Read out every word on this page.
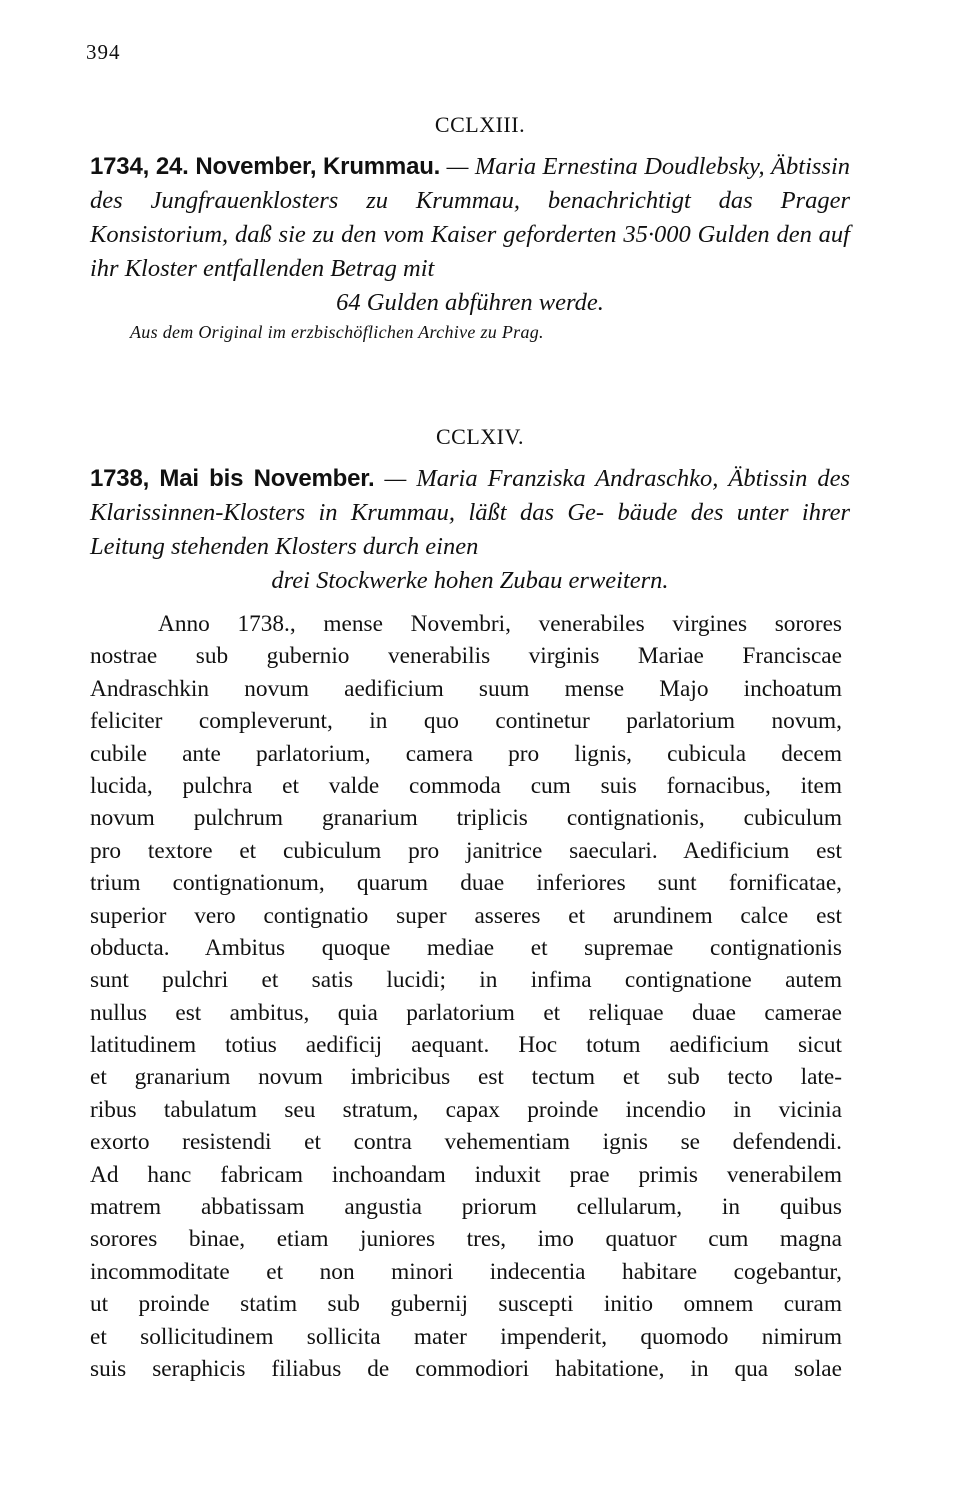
394
CCLXIII.
1734, 24. November, Krummau. — Maria Ernestina Doudlebsky, Äbtissin des Jungfrauenklosters zu Krummau, benachrichtigt das Prager Konsistorium, daß sie zu den vom Kaiser geforderten 35·000 Gulden den auf ihr Kloster entfallenden Betrag mit
64 Gulden abführen werde.
Aus dem Original im erzbischöflichen Archive zu Prag.
CCLXIV.
1738, Mai bis November. — Maria Franziska Andraschko, Äbtissin des Klarissinnen-Klosters in Krummau, läßt das Ge- bäude des unter ihrer Leitung stehenden Klosters durch einen
drei Stockwerke hohen Zubau erweitern.
Anno 1738., mense Novembri, venerabiles virgines sorores
nostrae sub gubernio venerabilis virginis Mariae Franciscae
Andraschkin novum aedificium suum mense Majo inchoatum
feliciter compleverunt, in quo continetur parlatorium novum,
cubile ante parlatorium, camera pro lignis, cubicula decem
lucida, pulchra et valde commoda cum suis fornacibus, item
novum pulchrum granarium triplicis contignationis, cubiculum
pro textore et cubiculum pro janitrice saeculari. Aedificium est
trium contignationum, quarum duae inferiores sunt fornificatae,
superior vero contignatio super asseres et arundinem calce est
obducta. Ambitus quoque mediae et supremae contignationis
sunt pulchri et satis lucidi; in infima contignatione autem
nullus est ambitus, quia parlatorium et reliquae duae camerae
latitudinem totius aedificij aequant. Hoc totum aedificium sicut
et granarium novum imbricibus est tectum et sub tecto late-
ribus tabulatum seu stratum, capax proinde incendio in vicinia
exorto resistendi et contra vehementiam ignis se defendendi.
Ad hanc fabricam inchoandam induxit prae primis venerabilem
matrem abbatissam angustia priorum cellularum, in quibus
sorores binae, etiam juniores tres, imo quatuor cum magna
incommoditate et non minori indecentia habitare cogebantur,
ut proinde statim sub gubernij suscepti initio omnem curam
et sollicitudinem sollicita mater impenderit, quomodo nimirum
suis seraphicis filiabus de commodiori habitatione, in qua solae
